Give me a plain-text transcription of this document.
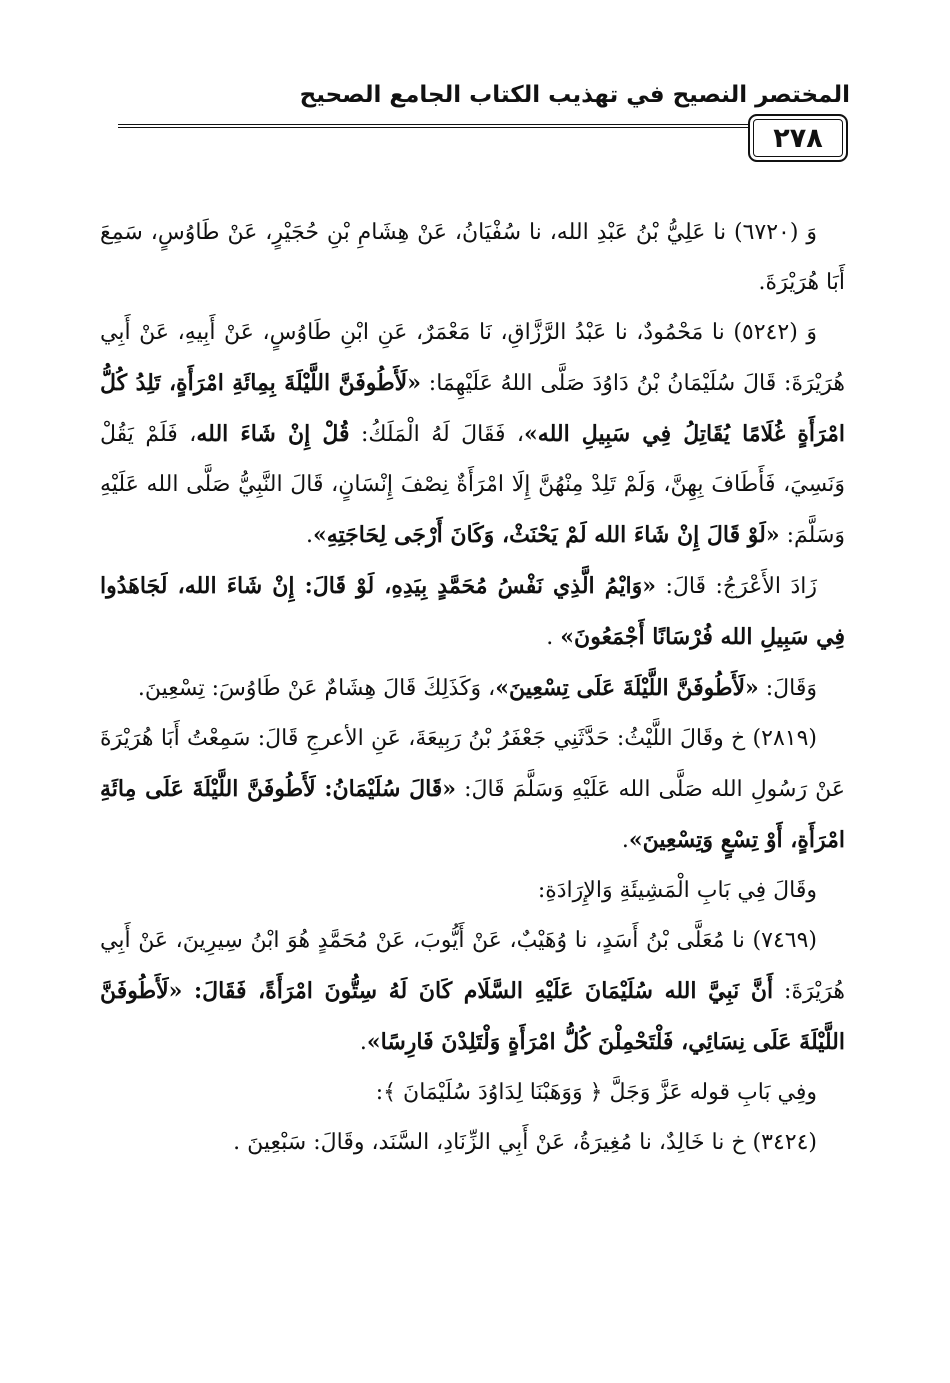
المختصر النصيح في تهذيب الكتاب الجامع الصحيح
٢٧٨

وَ (٦٧٢٠) نا عَلِيُّ بْنُ عَبْدِ الله، نا سُفْيَانُ، عَنْ هِشَامِ بْنِ حُجَيْرٍ، عَنْ طَاوُسٍ، سَمِعَ أَبَا هُرَيْرَةَ.

وَ (٥٢٤٢) نا مَحْمُودٌ، نا عَبْدُ الرَّزَّاقِ، نَا مَعْمَرٌ، عَنِ ابْنِ طَاوُسٍ، عَنْ أَبِيهِ، عَنْ أَبِي هُرَيْرَةَ: قَالَ سُلَيْمَانُ بْنُ دَاوُدَ صَلَّى اللهُ عَلَيْهِمَا: «لَأَطُوفَنَّ اللَّيْلَةَ بِمِائَةِ امْرَأَةٍ، تَلِدُ كُلُّ امْرَأَةٍ غُلَامًا يُقَاتِلُ فِي سَبِيلِ الله»، فَقَالَ لَهُ الْمَلَكُ: قُلْ إِنْ شَاءَ الله، فَلَمْ يَقُلْ وَنَسِيَ، فَأَطَافَ بِهِنَّ، وَلَمْ تَلِدْ مِنْهُنَّ إِلَا امْرَأَةٌ نِصْفَ إِنْسَانٍ، قَالَ النَّبِيُّ صَلَّى الله عَلَيْهِ وَسَلَّمَ: «لَوْ قَالَ إِنْ شَاءَ الله لَمْ يَحْنَثْ، وَكَانَ أَرْجَى لِحَاجَتِهِ».

زَادَ الأَعْرَجُ: قَالَ: «وَايْمُ الَّذِي نَفْسُ مُحَمَّدٍ بِيَدِهِ، لَوْ قَالَ: إِنْ شَاءَ الله، لَجَاهَدُوا فِي سَبِيلِ الله فُرْسَانًا أَجْمَعُونَ» .

وَقَالَ: «لَأَطُوفَنَّ اللَّيْلَةَ عَلَى تِسْعِينَ»، وَكَذَلِكَ قَالَ هِشَامٌ عَنْ طَاوُسَ: تِسْعِينَ.

(٢٨١٩) خ وقَالَ اللَّيْثُ: حَدَّثَنِي جَعْفَرُ بْنُ رَبِيعَةَ، عَنِ الأعرجِ قَالَ: سَمِعْتُ أَبَا هُرَيْرَةَ عَنْ رَسُولِ الله صَلَّى الله عَلَيْهِ وَسَلَّمَ قَالَ: «قَالَ سُلَيْمَانُ: لَأَطُوفَنَّ اللَّيْلَةَ عَلَى مِائَةِ امْرَأَةٍ، أَوْ تِسْعٍ وَتِسْعِينَ».

وقَالَ فِي بَابِ الْمَشِيئَةِ وَالإِرَادَةِ:

(٧٤٦٩) نا مُعَلَّى بْنُ أَسَدٍ، نا وُهَيْبٌ، عَنْ أَيُّوبَ، عَنْ مُحَمَّدٍ هُوَ ابْنُ سِيرِينَ، عَنْ أَبِي هُرَيْرَةَ: أَنَّ نَبِيَّ الله سُلَيْمَانَ عَلَيْهِ السَّلَام كَانَ لَهُ سِتُّونَ امْرَأَةً، فَقَالَ: «لَأَطُوفَنَّ اللَّيْلَةَ عَلَى نِسَائِي، فَلْتَحْمِلْنَ كُلُّ امْرَأَةٍ وَلْتَلِدْنَ فَارِسًا».

وفِي بَابِ قوله عَزَّ وَجَلَّ ﴿ وَوَهَبْنَا لِدَاوُدَ سُلَيْمَانَ ﴾:

(٣٤٢٤) خ نا خَالِدٌ، نا مُغِيرَةُ، عَنْ أَبِي الزِّنَادِ، السَّنَد، وقَالَ: سَبْعِينَ .
